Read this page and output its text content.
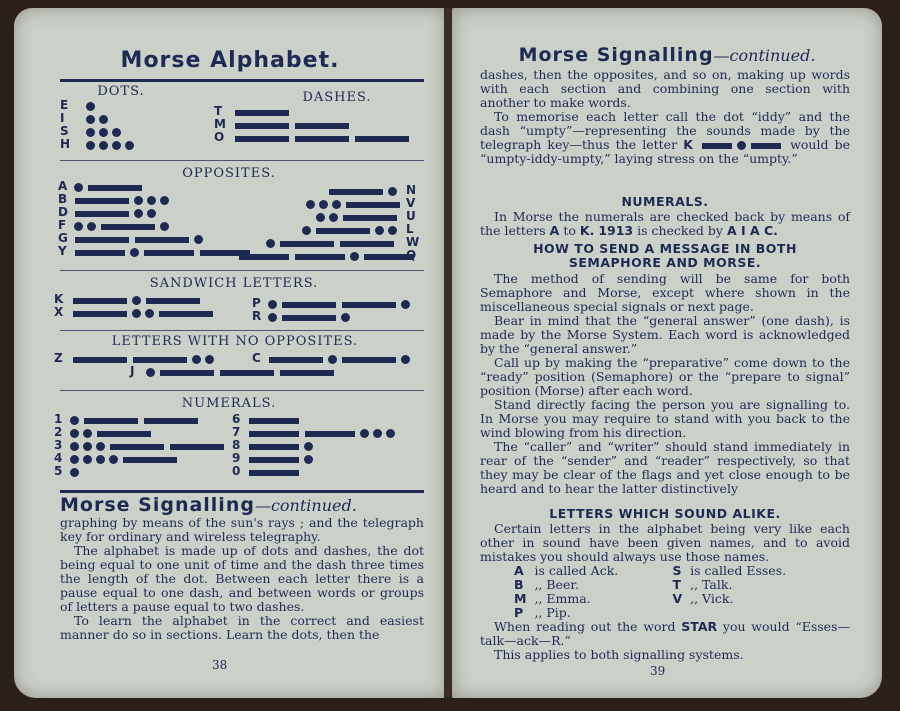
Morse Alphabet.
DOTS.	DASHES.
E
I
S
H
T
M
O
OPPOSITES.
A
B
D
F
G
Y
N
V
U
L
W
Q
SANDWICH LETTERS.
K
X
P
R
LETTERS WITH NO OPPOSITES.
Z	C
J
NUMERALS.
1
2
3
4
5
6
7
8
9
0
Morse Signalling—continued.

graphing by means of the sun's rays ; and the telegraph key for ordinary and wireless telegraphy.

The alphabet is made up of dots and dashes, the dot being equal to one unit of time and the dash three times the length of the dot. Between each letter there is a pause equal to one dash, and between words or groups of letters a pause equal to two dashes.

To learn the alphabet in the correct and easiest manner do so in sections. Learn the dots, then the

38
Morse Signalling—continued.

dashes, then the opposites, and so on, making up words with each section and combining one section with another to make words.

To memorise each letter call the dot “iddy” and the dash “umpty”—representing the sounds made by the telegraph key—thus the letter K	would be “umpty-iddy-umpty,” laying stress on the “umpty.”

NUMERALS.

In Morse the numerals are checked back by means of the letters A to K. 1913 is checked by A I A C.

HOW TO SEND A MESSAGE IN BOTH SEMAPHORE AND MORSE.

The method of sending will be same for both Semaphore and Morse, except where shown in the miscellaneous special signals or next page.

Bear in mind that the “general answer” (one dash), is made by the Morse System. Each word is acknowledged by the “general answer.”

Call up by making the “preparative” come down to the “ready” position (Semaphore) or the “prepare to signal” position (Morse) after each word.

Stand directly facing the person you are signalling to. In Morse you may require to stand with you back to the wind blowing from his direction.

The “caller” and “writer” should stand immediately in rear of the “sender” and “reader” respectively, so that they may be clear of the flags and yet close enough to be heard and to hear the latter distinctively

LETTERS WHICH SOUND ALIKE.

Certain letters in the alphabet being very like each other in sound have been given names, and to avoid mistakes you should always use those names.

A	is called Ack.	S	is called Esses.
B	,, Beer.	T	,, Talk.
M	,, Emma.	V	,, Vick.
P	,, Pip.		

When reading out the word STAR you would “Esses—talk—ack—R.”

This applies to both signalling systems.

39
